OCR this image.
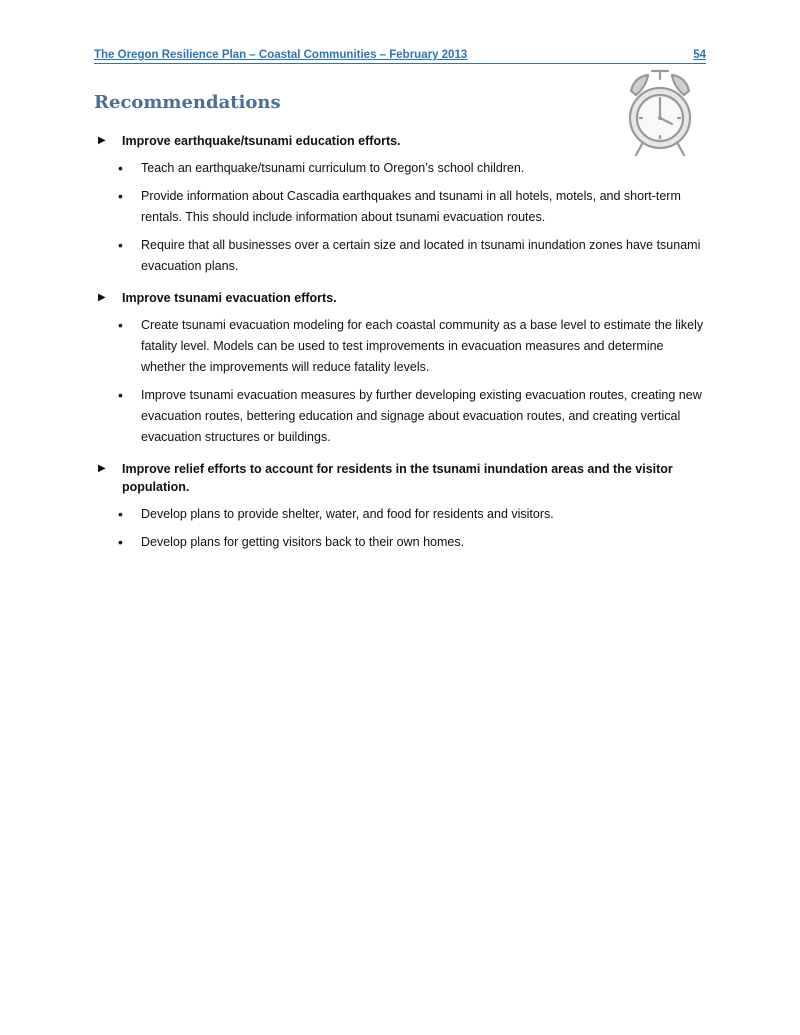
The Oregon Resilience Plan – Coastal Communities – February 2013	54
Recommendations
▶	Improve earthquake/tsunami education efforts.
•	Teach an earthquake/tsunami curriculum to Oregon’s school children.
•	Provide information about Cascadia earthquakes and tsunami in all hotels, motels, and short-term rentals. This should include information about tsunami evacuation routes.
•	Require that all businesses over a certain size and located in tsunami inundation zones have tsunami evacuation plans.
▶	Improve tsunami evacuation efforts.
•	Create tsunami evacuation modeling for each coastal community as a base level to estimate the likely fatality level. Models can be used to test improvements in evacuation measures and determine whether the improvements will reduce fatality levels.
•	Improve tsunami evacuation measures by further developing existing evacuation routes, creating new evacuation routes, bettering education and signage about evacuation routes, and creating vertical evacuation structures or buildings.
▶	Improve relief efforts to account for residents in the tsunami inundation areas and the visitor population.
•	Develop plans to provide shelter, water, and food for residents and visitors.
•	Develop plans for getting visitors back to their own homes.
